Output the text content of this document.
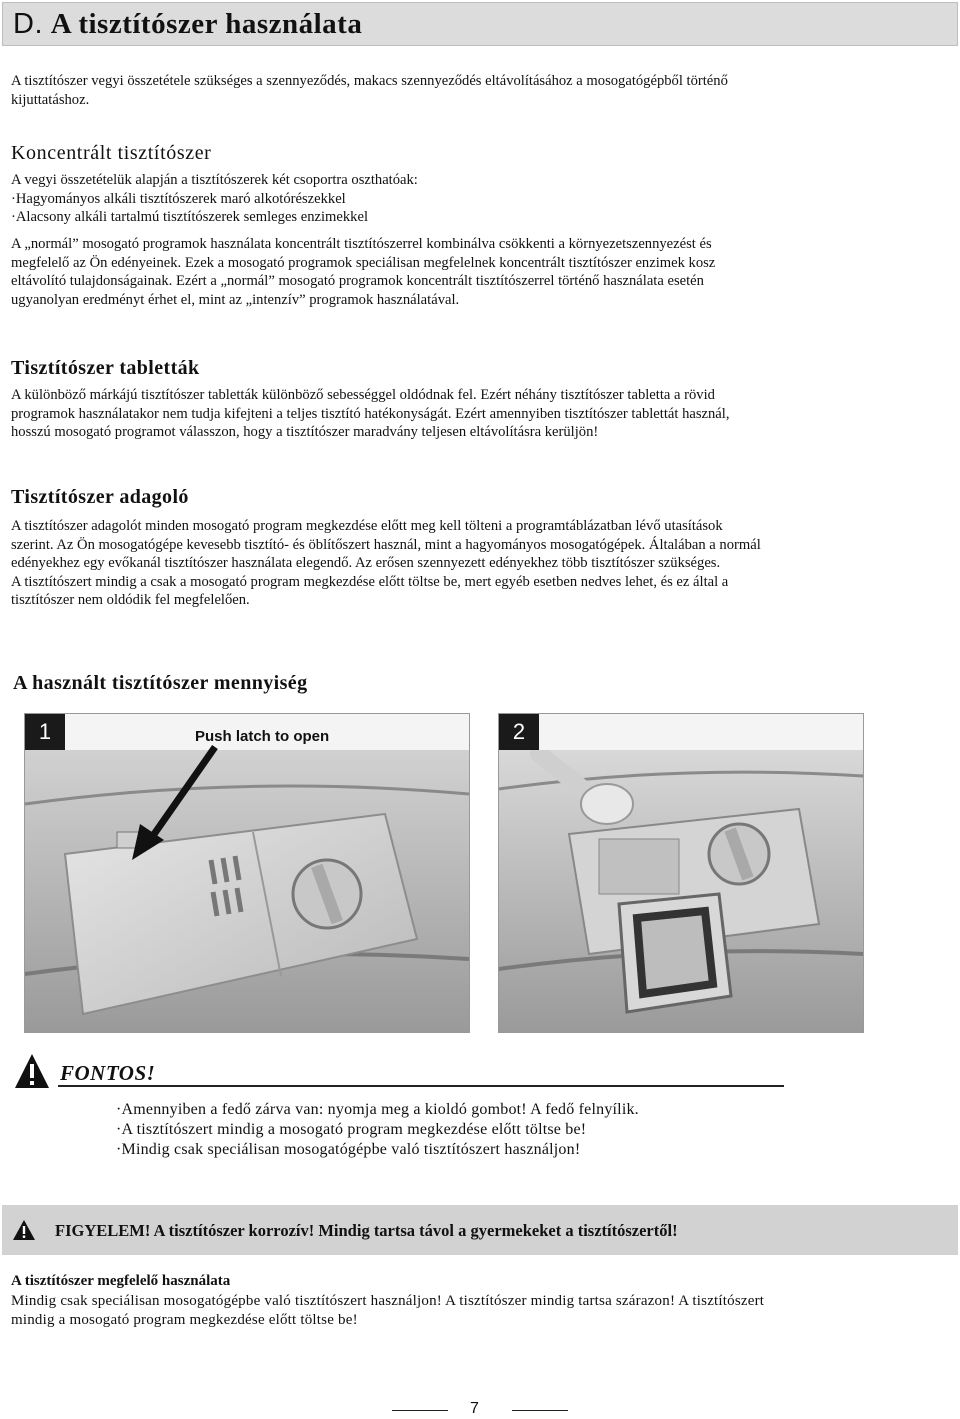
D. A tisztítószer használata
A tisztítószer vegyi összetétele szükséges a szennyeződés, makacs szennyeződés eltávolításához a mosogatógépből történő
kijuttatáshoz.
Koncentrált tisztítószer
A vegyi összetételük alapján a tisztítószerek két csoportra oszthatóak:
·Hagyományos alkáli tisztítószerek maró alkotórészekkel
·Alacsony alkáli tartalmú tisztítószerek semleges enzimekkel
A „normál” mosogató programok használata koncentrált tisztítószerrel kombinálva csökkenti a környezetszennyezést és
megfelelő az Ön edényeinek. Ezek a mosogató programok speciálisan megfelelnek koncentrált tisztítószer enzimek kosz
eltávolító tulajdonságainak. Ezért a „normál” mosogató programok koncentrált tisztítószerrel történő használata esetén
ugyanolyan eredményt érhet el, mint az „intenzív” programok használatával.
Tisztítószer tabletták
A különböző márkájú tisztítószer tabletták különböző sebességgel oldódnak fel. Ezért néhány tisztítószer tabletta a rövid
programok használatakor nem tudja kifejteni a teljes tisztító hatékonyságát. Ezért amennyiben tisztítószer tablettát használ,
hosszú mosogató programot válasszon, hogy a tisztítószer maradvány teljesen eltávolításra kerüljön!
Tisztítószer adagoló
A tisztítószer adagolót minden mosogató program megkezdése előtt meg kell tölteni a programtáblázatban lévő utasítások
szerint. Az Ön mosogatógépe kevesebb tisztító- és öblítőszert használ, mint a hagyományos mosogatógépek. Általában a normál
edényekhez egy evőkanál tisztítószer használata elegendő. Az erősen szennyezett edényekhez több tisztítószer szükséges.
A tisztítószert mindig a csak a mosogató program megkezdése előtt töltse be, mert egyéb esetben nedves lehet, és ez által a
tisztítószer nem oldódik fel megfelelően.
A használt tisztítószer mennyiség
1	Push latch to open	2
FONTOS!
·Amennyiben a fedő zárva van: nyomja meg a kioldó gombot! A fedő felnyílik.
·A tisztítószert mindig a mosogató program megkezdése előtt töltse be!
·Mindig csak speciálisan mosogatógépbe való tisztítószert használjon!
FIGYELEM! A tisztítószer korrozív! Mindig tartsa távol a gyermekeket a tisztítószertől!
A tisztítószer megfelelő használata
Mindig csak speciálisan mosogatógépbe való tisztítószert használjon! A tisztítószer mindig tartsa szárazon! A tisztítószert
mindig a mosogató program megkezdése előtt töltse be!
7
